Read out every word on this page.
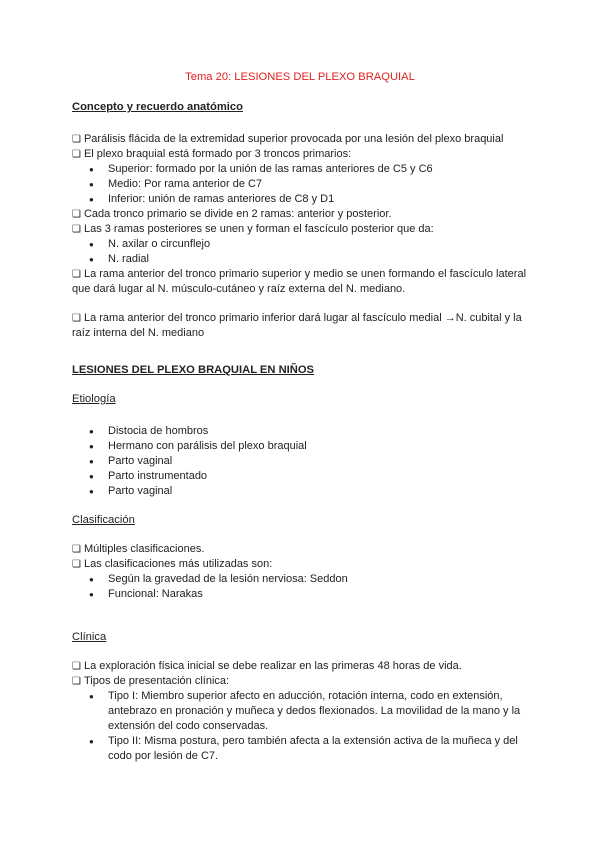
Tema 20: LESIONES DEL PLEXO BRAQUIAL
Concepto y recuerdo anatómico
❏ Parálisis flácida de la extremidad superior provocada por una lesión del plexo braquial
❏ El plexo braquial está formado por 3 troncos primarios:
● Superior: formado por la unión de las ramas anteriores de C5 y C6
● Medio: Por rama anterior de C7
● Inferior: unión de ramas anteriores de C8 y D1
❏ Cada tronco primario se divide en 2 ramas: anterior y posterior.
❏ Las 3 ramas posteriores se unen y forman el fascículo posterior que da:
● N. axilar o circunflejo
● N. radial
❏ La rama anterior del tronco primario superior y medio se unen formando el fascículo lateral que dará lugar al N. músculo-cutáneo y raíz externa del N. mediano.
❏ La rama anterior del tronco primario inferior dará lugar al fascículo medial →N. cubital y la raíz interna del N. mediano
LESIONES DEL PLEXO BRAQUIAL EN NIÑOS
Etiología
● Distocia de hombros
● Hermano con parálisis del plexo braquial
● Parto vaginal
● Parto instrumentado
● Parto vaginal
Clasificación
❏ Múltiples clasificaciones.
❏ Las clasificaciones más utilizadas son:
● Según la gravedad de la lesión nerviosa: Seddon
● Funcional: Narakas
Clínica
❏ La exploración física inicial se debe realizar en las primeras 48 horas de vida.
❏ Tipos de presentación clínica:
● Tipo I: Miembro superior afecto en aducción, rotación interna, codo en extensión, antebrazo en pronación y muñeca y dedos flexionados. La movilidad de la mano y la extensión del codo conservadas.
● Tipo II: Misma postura, pero también afecta a la extensión activa de la muñeca y del codo por lesión de C7.
